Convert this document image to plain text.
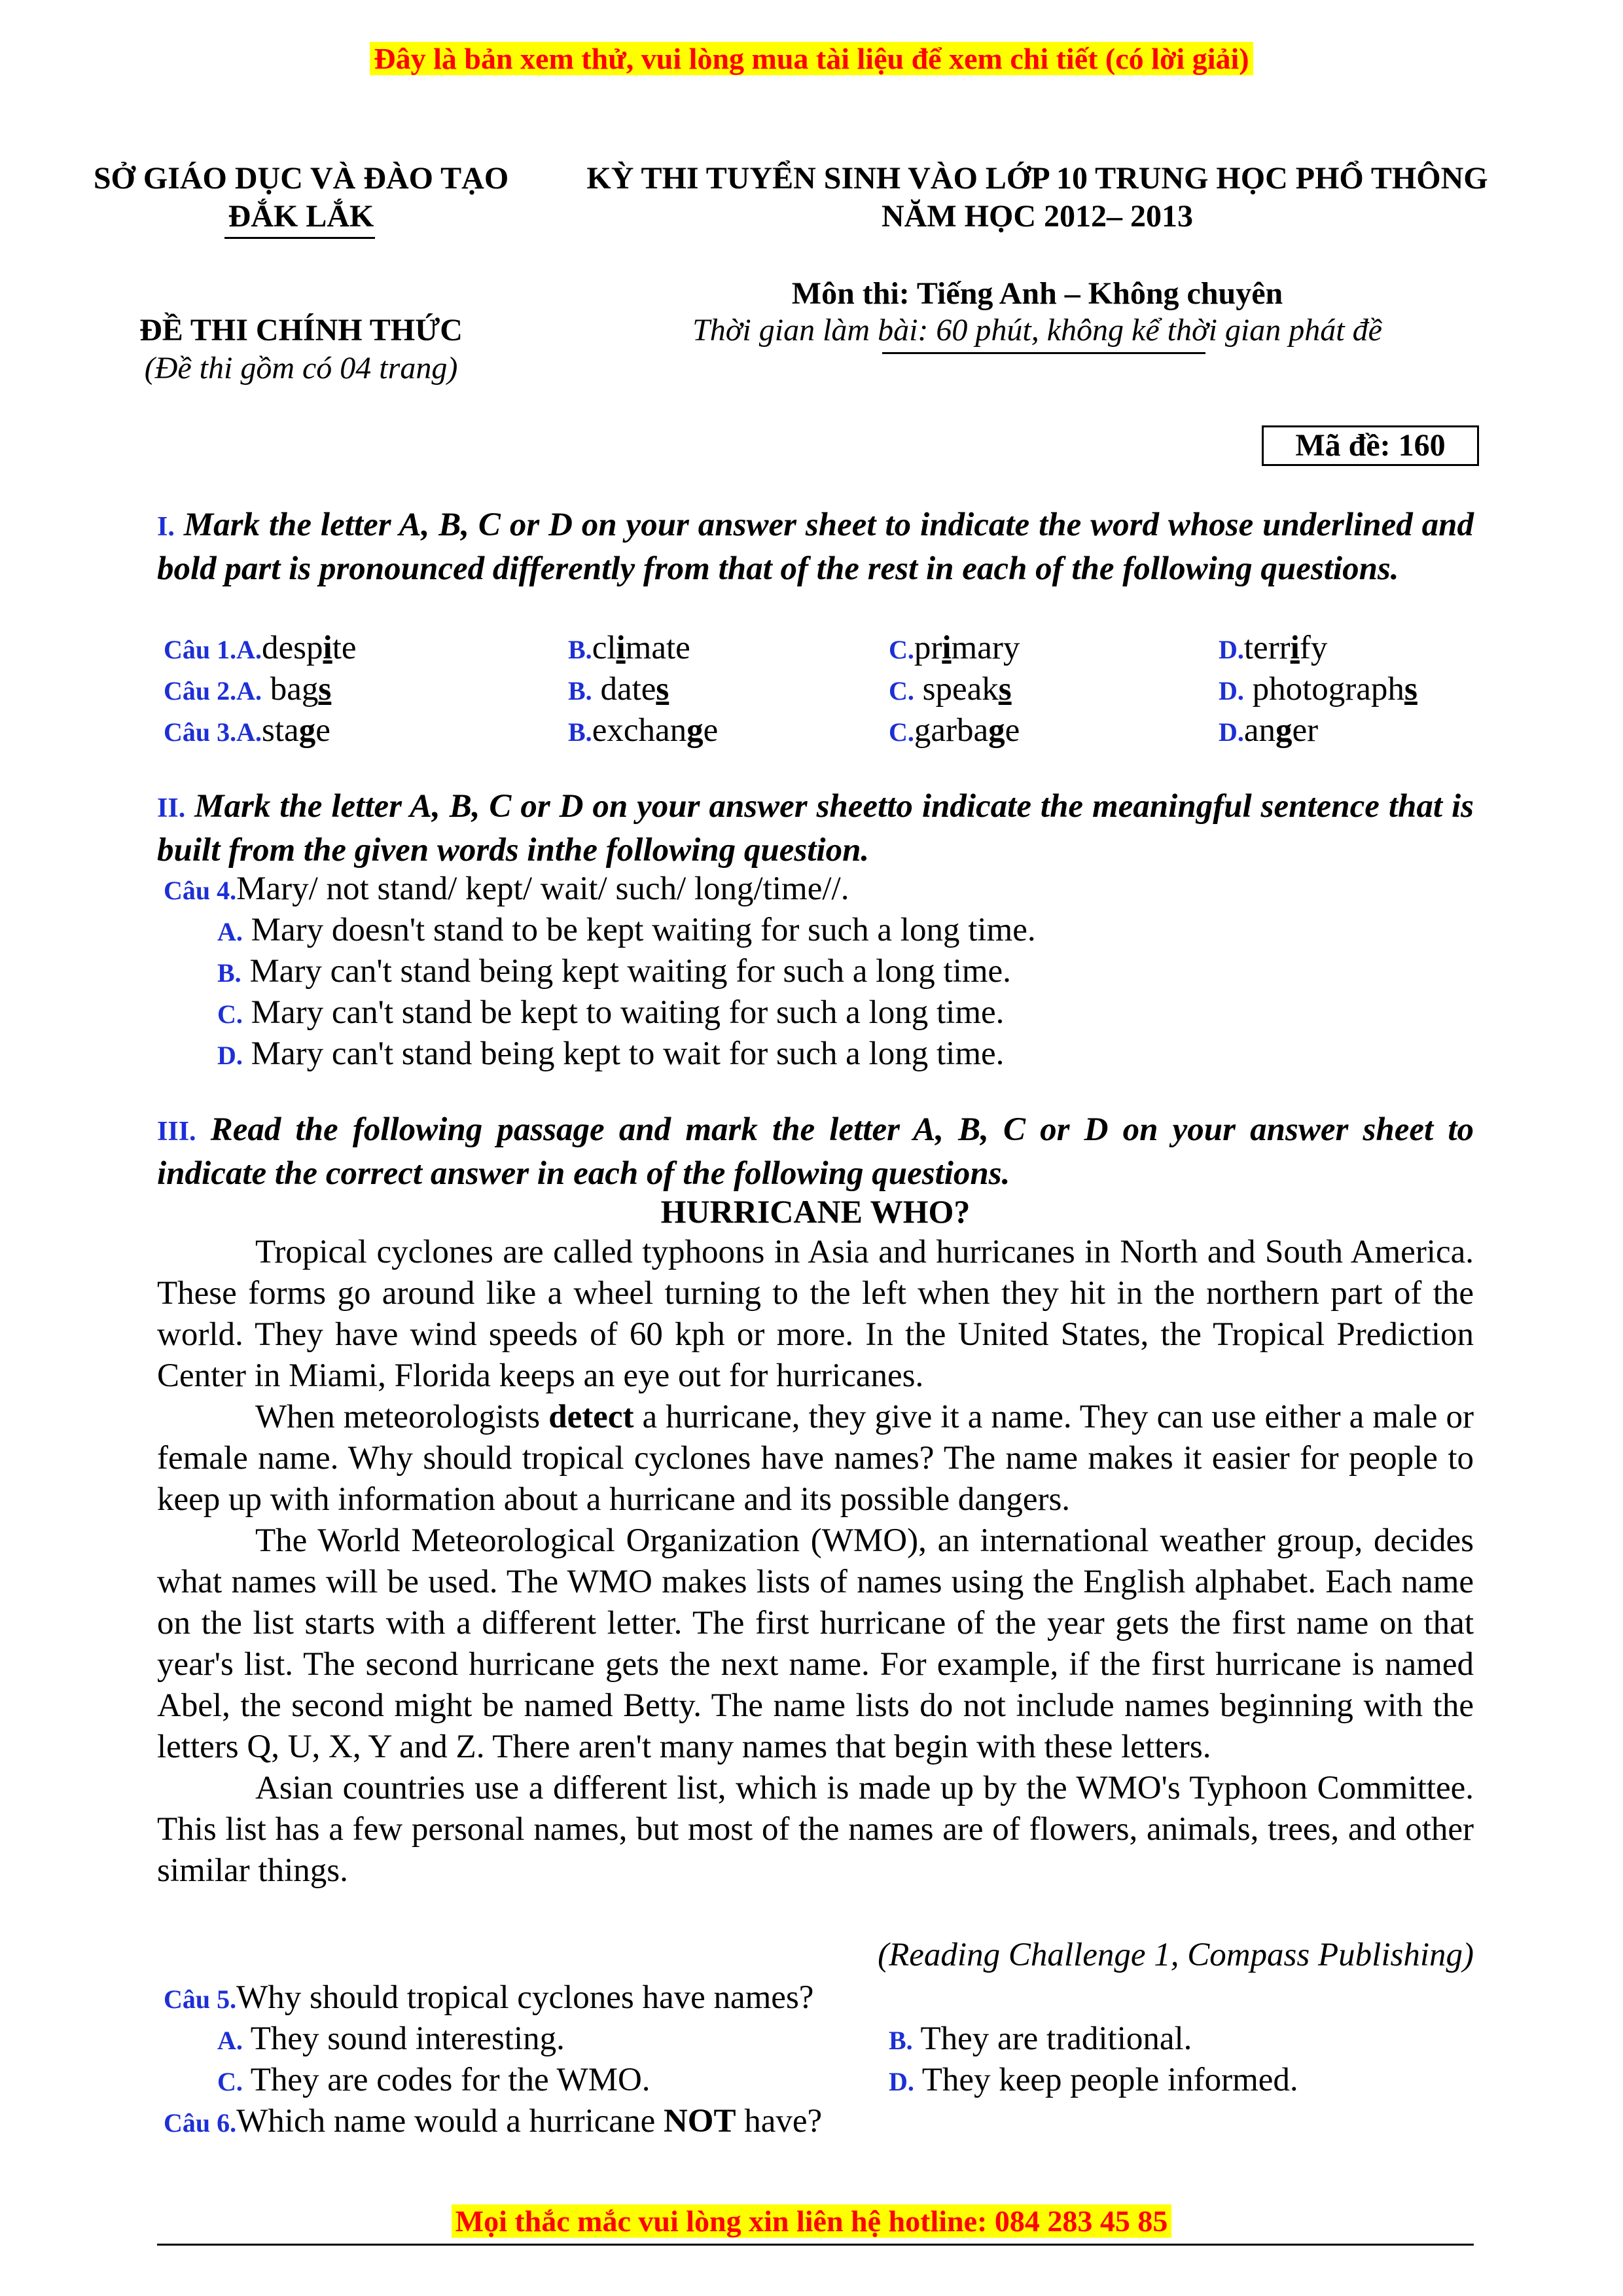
Đây là bản xem thử, vui lòng mua tài liệu để xem chi tiết (có lời giải)
SỞ GIÁO DỤC VÀ ĐÀO TẠO
ĐẮK LẮK
KỲ THI TUYỂN SINH VÀO LỚP 10 TRUNG HỌC PHỔ THÔNG
NĂM HỌC 2012– 2013
Môn thi: Tiếng Anh – Không chuyên
Thời gian làm bài: 60 phút, không kể thời gian phát đề
ĐỀ THI CHÍNH THỨC
(Đề thi gồm có 04 trang)
Mã đề: 160
I. Mark the letter A, B, C or D on your answer sheet to indicate the word whose underlined and bold part is pronounced differently from that of the rest in each of the following questions.
Câu 1.A.despite	B.climate	C.primary	D.terrify
Câu 2.A. bags	B. dates	C. speaks	D. photographs
Câu 3.A.stage	B.exchange	C.garbage	D.anger
II. Mark the letter A, B, C or D on your answer sheetto indicate the meaningful sentence that is built from the given words inthe following question.
Câu 4.Mary/ not stand/ kept/ wait/ such/ long/time//.
A. Mary doesn't stand to be kept waiting for such a long time.
B. Mary can't stand being kept waiting for such a long time.
C. Mary can't stand be kept to waiting for such a long time.
D. Mary can't stand being kept to wait for such a long time.
III. Read the following passage and mark the letter A, B, C or D on your answer sheet to indicate the correct answer in each of the following questions.
HURRICANE WHO?

Tropical cyclones are called typhoons in Asia and hurricanes in North and South America. These forms go around like a wheel turning to the left when they hit in the northern part of the world. They have wind speeds of 60 kph or more. In the United States, the Tropical Prediction Center in Miami, Florida keeps an eye out for hurricanes.

When meteorologists detect a hurricane, they give it a name. They can use either a male or female name. Why should tropical cyclones have names? The name makes it easier for people to keep up with information about a hurricane and its possible dangers.

The World Meteorological Organization (WMO), an international weather group, decides what names will be used. The WMO makes lists of names using the English alphabet. Each name on the list starts with a different letter. The first hurricane of the year gets the first name on that year's list. The second hurricane gets the next name. For example, if the first hurricane is named Abel, the second might be named Betty. The name lists do not include names beginning with the letters Q, U, X, Y and Z. There aren't many names that begin with these letters.

Asian countries use a different list, which is made up by the WMO's Typhoon Committee. This list has a few personal names, but most of the names are of flowers, animals, trees, and other similar things.

(Reading Challenge 1, Compass Publishing)
Câu 5.Why should tropical cyclones have names?
A. They sound interesting.	B. They are traditional.
C. They are codes for the WMO.	D. They keep people informed.
Câu 6.Which name would a hurricane NOT have?
Mọi thắc mắc vui lòng xin liên hệ hotline: 084 283 45 85
